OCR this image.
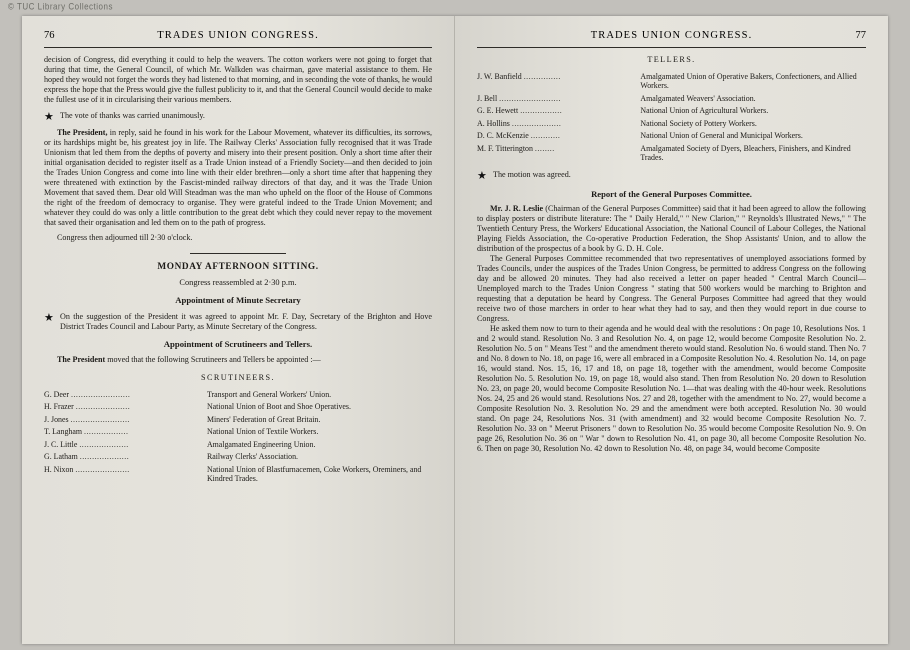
© TUC Library Collections
76	TRADES UNION CONGRESS.

decision of Congress, did everything it could to help the weavers. The cotton workers were not going to forget that during that time, the General Council, of which Mr. Walkden was chairman, gave material assistance to them. He hoped they would not forget the words they had listened to that morning, and in seconding the vote of thanks, he would express the hope that the Press would give the fullest publicity to it, and that the General Council would decide to make the fullest use of it in circularising their various members.

★ The vote of thanks was carried unanimously.

The President, in reply, said he found in his work for the Labour Movement, whatever its difficulties, its sorrows, or its hardships might be, his greatest joy in life. The Railway Clerks' Association fully recognised that it was Trade Unionism that led them from the depths of poverty and misery into their present position. Only a short time after their initial organisation decided to register itself as a Trade Union instead of a Friendly Society—and then decided to join the Trades Union Congress and come into line with their elder brethren—only a short time after that happening they were threatened with extinction by the Fascist-minded railway directors of that day, and it was the Trade Union Movement that saved them. Dear old Will Steadman was the man who upheld on the floor of the House of Commons the right of the freedom of democracy to organise. They were grateful indeed to the Trade Union Movement; and whatever they could do was only a little contribution to the great debt which they could never repay to the movement that saved their organisation and led them on to the path of progress.

Congress then adjourned till 2·30 o'clock.

MONDAY AFTERNOON SITTING.
Congress reassembled at 2·30 p.m.
Appointment of Minute Secretary
★ On the suggestion of the President it was agreed to appoint Mr. F. Day, Secretary of the Brighton and Hove District Trades Council and Labour Party, as Minute Secretary of the Congress.
Appointment of Scrutineers and Tellers.

The President moved that the following Scrutineers and Tellers be appointed :—

SCRUTINEERS.
G. Deer ........................	Transport and General Workers' Union.
H. Frazer ......................	National Union of Boot and Shoe Operatives.
J. Jones ........................	Miners' Federation of Great Britain.
T. Langham ..................	National Union of Textile Workers.
J. C. Little ....................	Amalgamated Engineering Union.
G. Latham ....................	Railway Clerks' Association.
H. Nixon ......................	National Union of Blastfurnacemen, Coke Workers, Oreminers, and Kindred Trades.
TRADES UNION CONGRESS.	77
TELLERS.
J. W. Banfield ...............	Amalgamated Union of Operative Bakers, Confectioners, and Allied Workers.
J. Bell .........................	Amalgamated Weavers' Association.
G. E. Hewett .................	National Union of Agricultural Workers.
A. Hollins ....................	National Society of Pottery Workers.
D. C. McKenzie ............	National Union of General and Municipal Workers.
M. F. Titterington ........	Amalgamated Society of Dyers, Bleachers, Finishers, and Kindred Trades.
★ The motion was agreed.
Report of the General Purposes Committee.

Mr. J. R. Leslie (Chairman of the General Purposes Committee) said that it had been agreed to allow the following to display posters or distribute literature: The " Daily Herald," " New Clarion," " Reynolds's Illustrated News," " The Twentieth Century Press, the Workers' Educational Association, the National Council of Labour Colleges, the National Playing Fields Association, the Co-operative Production Federation, the Shop Assistants' Union, and to allow the distribution of the prospectus of a book by G. D. H. Cole.

The General Purposes Committee recommended that two representatives of unemployed associations formed by Trades Councils, under the auspices of the Trades Union Congress, be permitted to address Congress on the following day and be allowed 20 minutes. They had also received a letter on paper headed " Central March Council—Unemployed march to the Trades Union Congress " stating that 500 workers would be marching to Brighton and requesting that a deputation be heard by Congress. The General Purposes Committee had agreed that they would receive two of those marchers in order to hear what they had to say, and then they would report in due course to Congress.

He asked them now to turn to their agenda and he would deal with the resolutions : On page 10, Resolutions Nos. 1 and 2 would stand. Resolution No. 3 and Resolution No. 4, on page 12, would become Composite Resolution No. 2. Resolution No. 5 on " Means Test " and the amendment thereto would stand. Resolution No. 6 would stand. Then No. 7 and No. 8 down to No. 18, on page 16, were all embraced in a Composite Resolution No. 4. Resolution No. 14, on page 16, would stand. Nos. 15, 16, 17 and 18, on page 18, together with the amendment, would become Composite Resolution No. 5. Resolution No. 19, on page 18, would also stand. Then from Resolution No. 20 down to Resolution No. 23, on page 20, would become Composite Resolution No. 1—that was dealing with the 40-hour week. Resolutions Nos. 24, 25 and 26 would stand. Resolutions Nos. 27 and 28, together with the amendment to No. 27, would become a Composite Resolution No. 3. Resolution No. 29 and the amendment were both accepted. Resolution No. 30 would stand. On page 24, Resolutions Nos. 31 (with amendment) and 32 would become Composite Resolution No. 7. Resolution No. 33 on " Meerut Prisoners " down to Resolution No. 35 would become Composite Resolution No. 9. On page 26, Resolution No. 36 on " War " down to Resolution No. 41, on page 30, all become Composite Resolution No. 6. Then on page 30, Resolution No. 42 down to Resolution No. 48, on page 34, would become Composite
